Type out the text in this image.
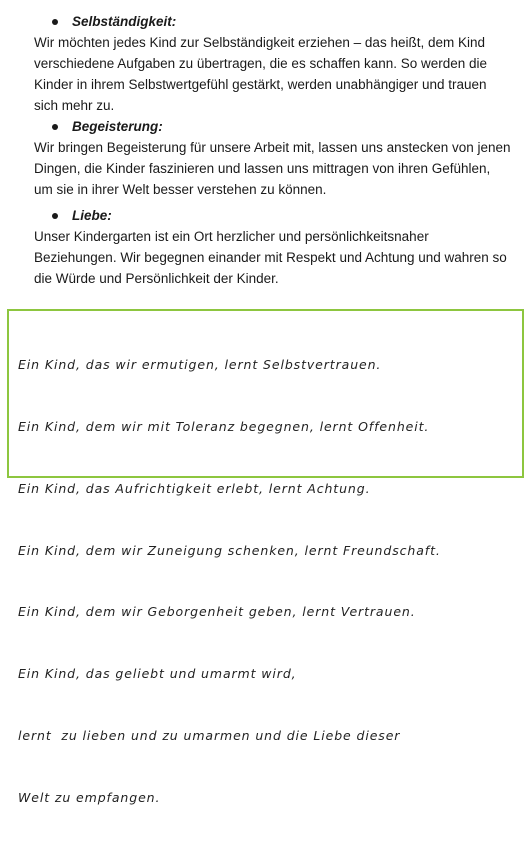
Selbständigkeit:

Wir möchten jedes Kind zur Selbständigkeit erziehen – das heißt, dem Kind
verschiedene Aufgaben zu übertragen, die es schaffen kann. So werden die
Kinder in ihrem Selbstwertgefühl gestärkt, werden unabhängiger und trauen
sich mehr zu.

Begeisterung:

Wir bringen Begeisterung für unsere Arbeit mit, lassen uns anstecken von jenen
Dingen, die Kinder faszinieren und lassen uns mittragen von ihren Gefühlen,
um sie in ihrer Welt besser verstehen zu können.

Liebe:

Unser Kindergarten ist ein Ort herzlicher und persönlichkeitsnaher
Beziehungen. Wir begegnen einander mit Respekt und Achtung und wahren so
die Würde und Persönlichkeit der Kinder.

Ein Kind, das wir ermutigen, lernt Selbstvertrauen.

Ein Kind, dem wir mit Toleranz begegnen, lernt Offenheit.

Ein Kind, das Aufrichtigkeit erlebt, lernt Achtung.

Ein Kind, dem wir Zuneigung schenken, lernt Freundschaft.

Ein Kind, dem wir Geborgenheit geben, lernt Vertrauen.

Ein Kind, das geliebt und umarmt wird,

lernt  zu lieben und zu umarmen und die Liebe dieser

Welt zu empfangen.
